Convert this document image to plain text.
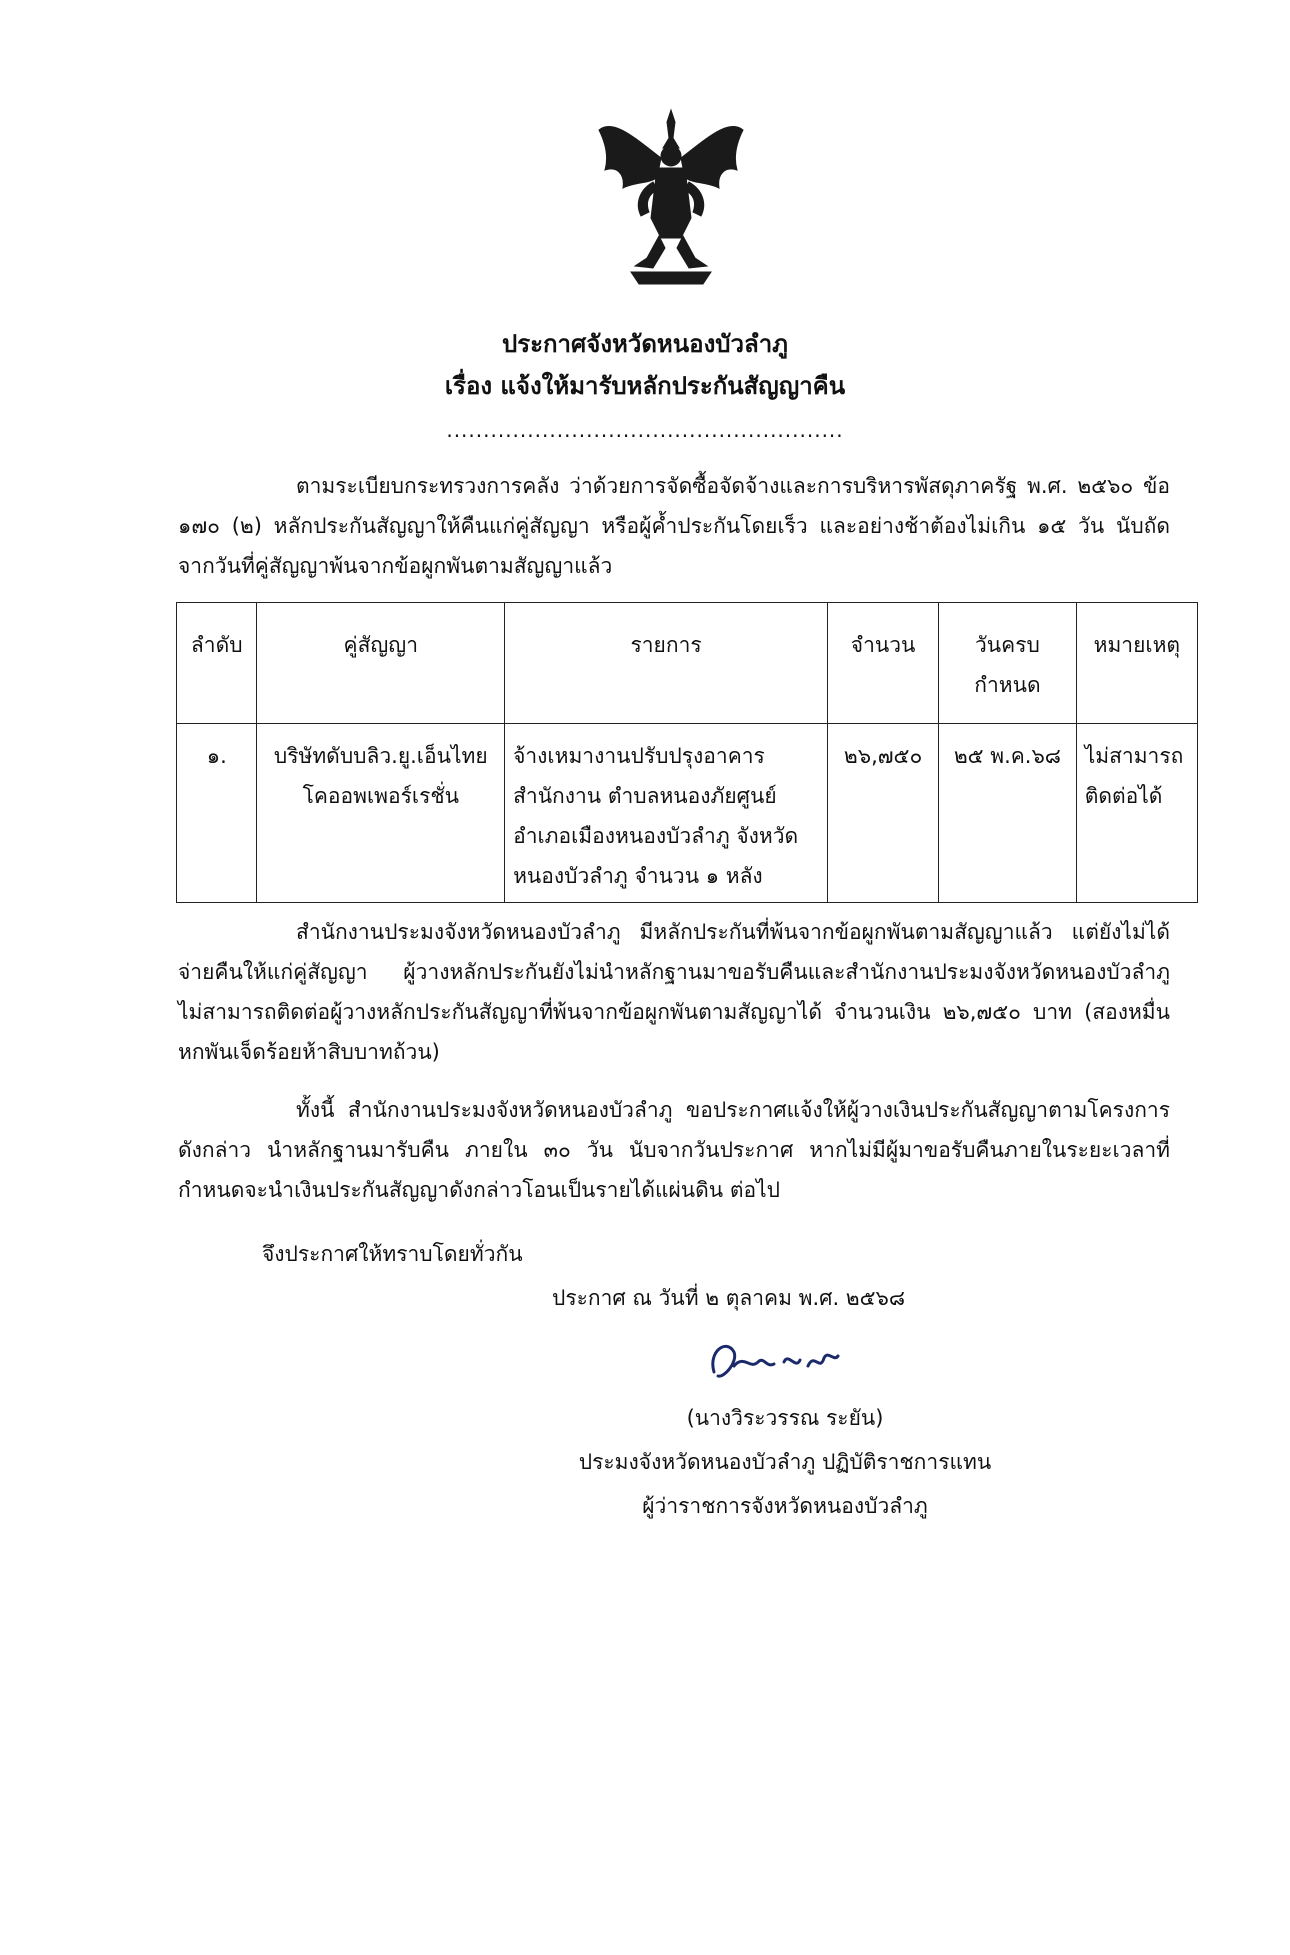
ประกาศจังหวัดหนองบัวลำภู
เรื่อง แจ้งให้มารับหลักประกันสัญญาคืน
......................................................
ตามระเบียบกระทรวงการคลัง ว่าด้วยการจัดซื้อจัดจ้างและการบริหารพัสดุภาครัฐ พ.ศ. ๒๕๖๐ ข้อ ๑๗๐ (๒) หลักประกันสัญญาให้คืนแก่คู่สัญญา หรือผู้ค้ำประกันโดยเร็ว และอย่างช้าต้องไม่เกิน ๑๕ วัน นับถัดจากวันที่คู่สัญญาพ้นจากข้อผูกพันตามสัญญาแล้ว
ลำดับ	คู่สัญญา	รายการ	จำนวน	วันครบ กำหนด	หมายเหตุ
๑.	บริษัทดับบลิว.ยู.เอ็นไทย โคออพเพอร์เรชั่น	จ้างเหมางานปรับปรุงอาคารสำนักงาน ตำบลหนองภัยศูนย์ อำเภอเมืองหนองบัวลำภู จังหวัดหนองบัวลำภู จำนวน ๑ หลัง	๒๖,๗๕๐	๒๕ พ.ค.๖๘	ไม่สามารถติดต่อได้
สำนักงานประมงจังหวัดหนองบัวลำภู มีหลักประกันที่พ้นจากข้อผูกพันตามสัญญาแล้ว แต่ยังไม่ได้จ่ายคืนให้แก่คู่สัญญา ผู้วางหลักประกันยังไม่นำหลักฐานมาขอรับคืนและสำนักงานประมงจังหวัดหนองบัวลำภู ไม่สามารถติดต่อผู้วางหลักประกันสัญญาที่พ้นจากข้อผูกพันตามสัญญาได้ จำนวนเงิน ๒๖,๗๕๐ บาท (สองหมื่นหกพันเจ็ดร้อยห้าสิบบาทถ้วน)
ทั้งนี้ สำนักงานประมงจังหวัดหนองบัวลำภู ขอประกาศแจ้งให้ผู้วางเงินประกันสัญญาตามโครงการดังกล่าว นำหลักฐานมารับคืน ภายใน ๓๐ วัน นับจากวันประกาศ หากไม่มีผู้มาขอรับคืนภายในระยะเวลาที่กำหนดจะนำเงินประกันสัญญาดังกล่าวโอนเป็นรายได้แผ่นดิน ต่อไป
จึงประกาศให้ทราบโดยทั่วกัน
ประกาศ ณ วันที่ ๒ ตุลาคม พ.ศ. ๒๕๖๘
(นางวิระวรรณ ระยัน)
ประมงจังหวัดหนองบัวลำภู ปฏิบัติราชการแทน
ผู้ว่าราชการจังหวัดหนองบัวลำภู
